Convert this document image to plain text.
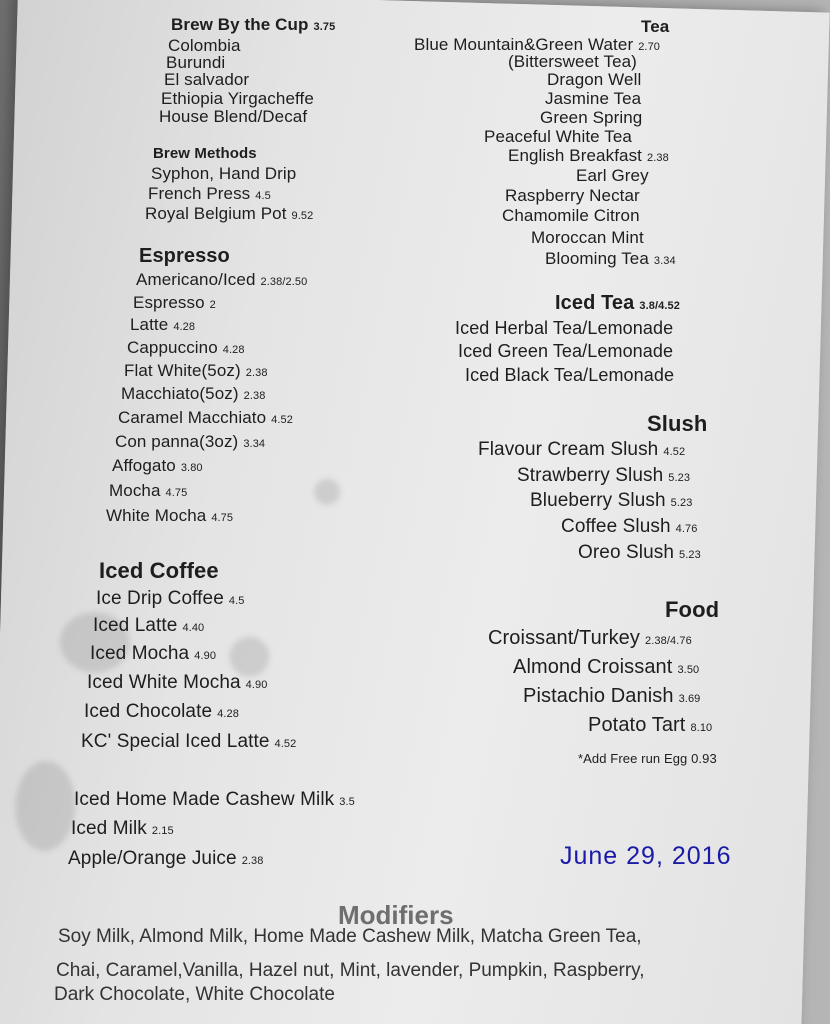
Brew By the Cup 3.75
Colombia
Burundi
El salvador
Ethiopia Yirgacheffe
House Blend/Decaf
Brew Methods
Syphon, Hand Drip
French Press 4.5
Royal Belgium Pot 9.52
Espresso
Americano/Iced 2.38/2.50
Espresso 2
Latte 4.28
Cappuccino 4.28
Flat White(5oz) 2.38
Macchiato(5oz) 2.38
Caramel Macchiato 4.52
Con panna(3oz) 3.34
Affogato 3.80
Mocha 4.75
White Mocha 4.75
Iced Coffee
Ice Drip Coffee 4.5
Iced Latte 4.40
Iced Mocha 4.90
Iced White Mocha 4.90
Iced Chocolate 4.28
KC' Special Iced Latte 4.52
Iced Home Made Cashew Milk 3.5
Iced Milk 2.15
Apple/Orange Juice 2.38
Tea
Blue Mountain&Green Water 2.70
(Bittersweet Tea)
Dragon Well
Jasmine Tea
Green Spring
Peaceful White Tea
English Breakfast 2.38
Earl Grey
Raspberry Nectar
Chamomile Citron
Moroccan Mint
Blooming Tea 3.34
Iced Tea 3.8/4.52
Iced Herbal Tea/Lemonade
Iced Green Tea/Lemonade
Iced Black Tea/Lemonade
Slush
Flavour Cream Slush 4.52
Strawberry Slush 5.23
Blueberry Slush 5.23
Coffee Slush 4.76
Oreo Slush 5.23
Food
Croissant/Turkey 2.38/4.76
Almond Croissant 3.50
Pistachio Danish 3.69
Potato Tart 8.10
*Add Free run Egg 0.93
June 29, 2016
Modifiers
Soy Milk, Almond Milk, Home Made Cashew Milk, Matcha Green Tea,
Chai, Caramel,Vanilla, Hazel nut, Mint, lavender, Pumpkin, Raspberry,
Dark Chocolate, White Chocolate
